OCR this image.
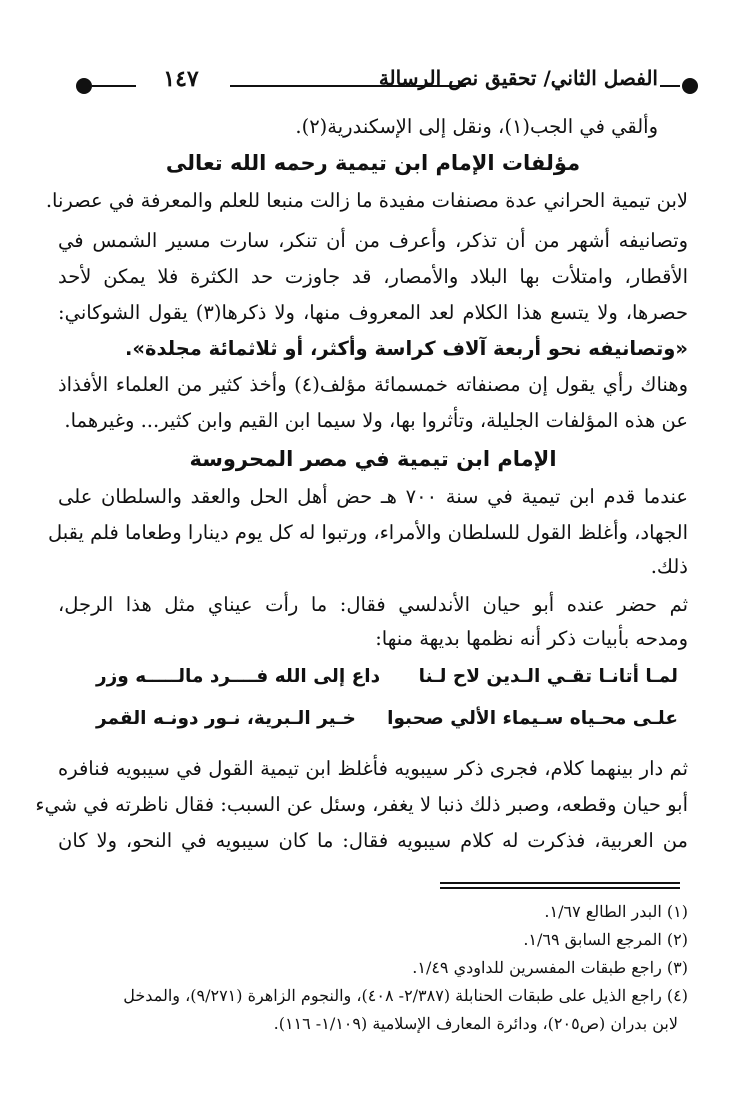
١٤٧	الفصل الثاني/ تحقيق نص الرسالة
وألقي في الجب(١)، ونقل إلى الإسكندرية(٢).
مؤلفات الإمام ابن تيمية رحمه الله تعالى
لابن تيمية الحراني عدة مصنفات مفيدة ما زالت منبعا للعلم والمعرفة في عصرنا.
وتصانيفه أشهر من أن تذكر، وأعرف من أن تنكر، سارت مسير الشمس في
الأقطار، وامتلأت بها البلاد والأمصار، قد جاوزت حد الكثرة فلا يمكن لأحد
حصرها، ولا يتسع هذا الكلام لعد المعروف منها، ولا ذكرها(٣) يقول الشوكاني:
«وتصانيفه نحو أربعة آلاف كراسة وأكثر، أو ثلاثمائة مجلدة».
وهناك رأي يقول إن مصنفاته خمسمائة مؤلف(٤) وأخذ كثير من العلماء الأفذاذ
عن هذه المؤلفات الجليلة، وتأثروا بها، ولا سيما ابن القيم وابن كثير... وغيرهما.
الإمام ابن تيمية في مصر المحروسة
عندما قدم ابن تيمية في سنة ٧٠٠ هـ حض أهل الحل والعقد والسلطان على
الجهاد، وأغلظ القول للسلطان والأمراء، ورتبوا له كل يوم دينارا وطعاما فلم يقبل
ذلك.
ثم حضر عنده أبو حيان الأندلسي فقال: ما رأت عيناي مثل هذا الرجل،
ومدحه بأبيات ذكر أنه نظمها بديهة منها:
لمـا أتانـا تقـي الـدين لاح لـنا
داع إلى الله فــــرد مالـــــه وزر
علـى محـياه سـيماء الألي صحبوا
خـير الـبرية، نـور دونـه القمر
ثم دار بينهما كلام، فجرى ذكر سيبويه فأغلظ ابن تيمية القول في سيبويه فنافره
أبو حيان وقطعه، وصبر ذلك ذنبا لا يغفر، وسئل عن السبب: فقال ناظرته في شيء
من العربية، فذكرت له كلام سيبويه فقال: ما كان سيبويه في النحو، ولا كان
(١) البدر الطالع ١/٦٧.
(٢) المرجع السابق ١/٦٩.
(٣) راجع طبقات المفسرين للداودي ١/٤٩.
(٤) راجع الذيل على طبقات الحنابلة (٢/٣٨٧- ٤٠٨)، والنجوم الزاهرة (٩/٢٧١)، والمدخل
لابن بدران (ص٢٠٥)، ودائرة المعارف الإسلامية (١/١٠٩- ١١٦).
